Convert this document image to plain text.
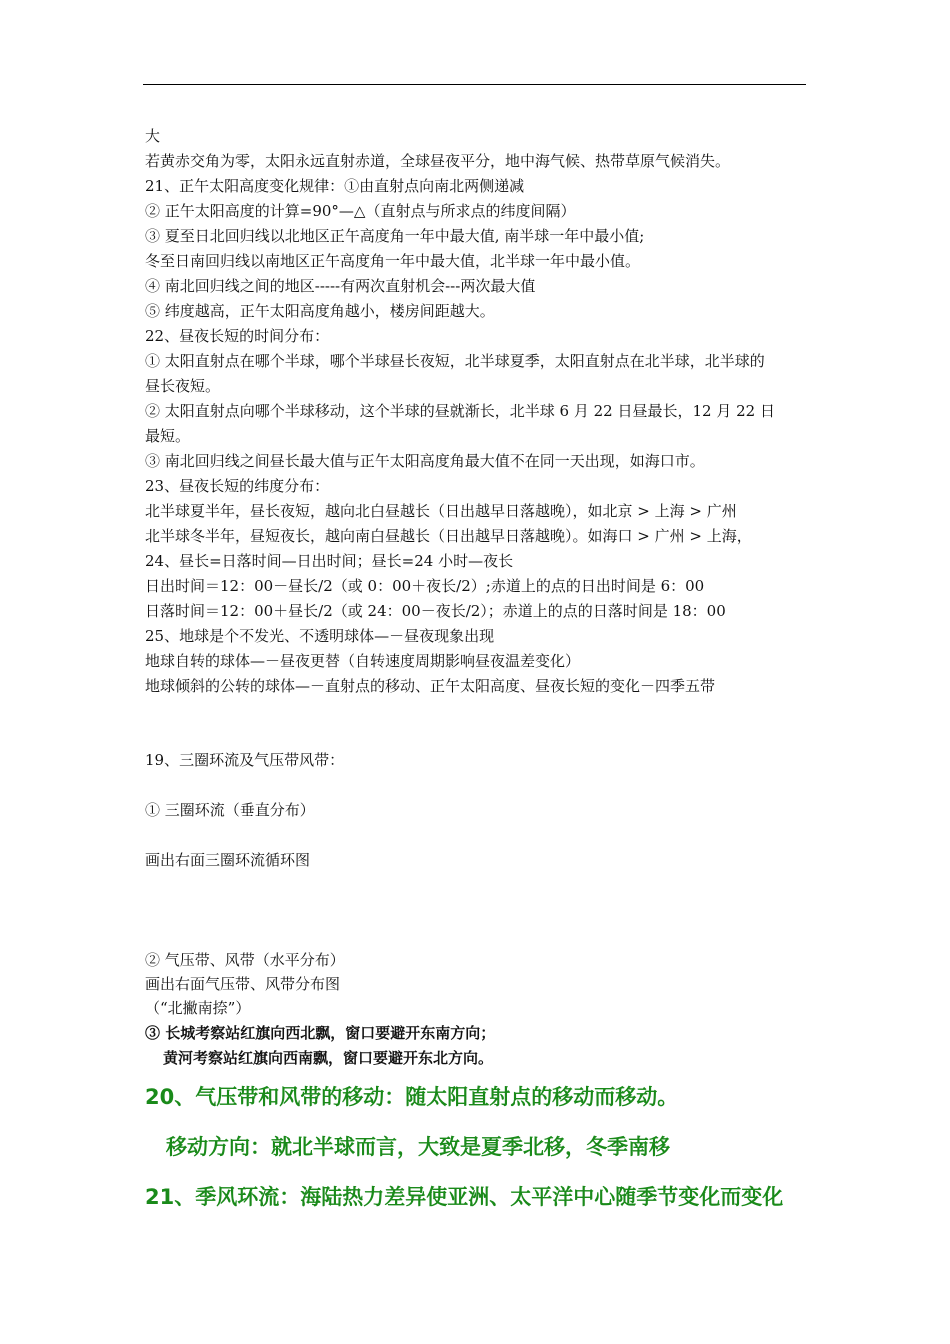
大
若黄赤交角为零，太阳永远直射赤道，全球昼夜平分，地中海气候、热带草原气候消失。
21、正午太阳高度变化规律：①由直射点向南北两侧递减
② 正午太阳高度的计算=90°—△（直射点与所求点的纬度间隔）
③ 夏至日北回归线以北地区正午高度角一年中最大值, 南半球一年中最小值;
冬至日南回归线以南地区正午高度角一年中最大值，北半球一年中最小值。
④ 南北回归线之间的地区-----有两次直射机会---两次最大值
⑤ 纬度越高，正午太阳高度角越小，楼房间距越大。
22、昼夜长短的时间分布：
① 太阳直射点在哪个半球，哪个半球昼长夜短，北半球夏季，太阳直射点在北半球，北半球的
昼长夜短。
② 太阳直射点向哪个半球移动，这个半球的昼就渐长，北半球 6 月 22 日昼最长，12 月 22 日
最短。
③ 南北回归线之间昼长最大值与正午太阳高度角最大值不在同一天出现，如海口市。
23、昼夜长短的纬度分布：
北半球夏半年，昼长夜短，越向北白昼越长（日出越早日落越晚），如北京 > 上海 > 广州
北半球冬半年，昼短夜长，越向南白昼越长（日出越早日落越晚）。如海口 > 广州 > 上海，
24、昼长=日落时间—日出时间；昼长=24 小时—夜长
日出时间＝12：00－昼长/2（或 0：00＋夜长/2）;赤道上的点的日出时间是 6：00
日落时间＝12：00＋昼长/2（或 24：00－夜长/2）；赤道上的点的日落时间是 18：00
25、地球是个不发光、不透明球体—－昼夜现象出现
地球自转的球体—－昼夜更替（自转速度周期影响昼夜温差变化）
地球倾斜的公转的球体—－直射点的移动、正午太阳高度、昼夜长短的变化－四季五带
19、三圈环流及气压带风带：
① 三圈环流（垂直分布）
画出右面三圈环流循环图
② 气压带、风带（水平分布）
画出右面气压带、风带分布图
（“北撇南捺”）
③ 长城考察站红旗向西北飘，窗口要避开东南方向；
黄河考察站红旗向西南飘，窗口要避开东北方向。
20、气压带和风带的移动：随太阳直射点的移动而移动。
移动方向：就北半球而言，大致是夏季北移，冬季南移
21、季风环流：海陆热力差异使亚洲、太平洋中心随季节变化而变化
